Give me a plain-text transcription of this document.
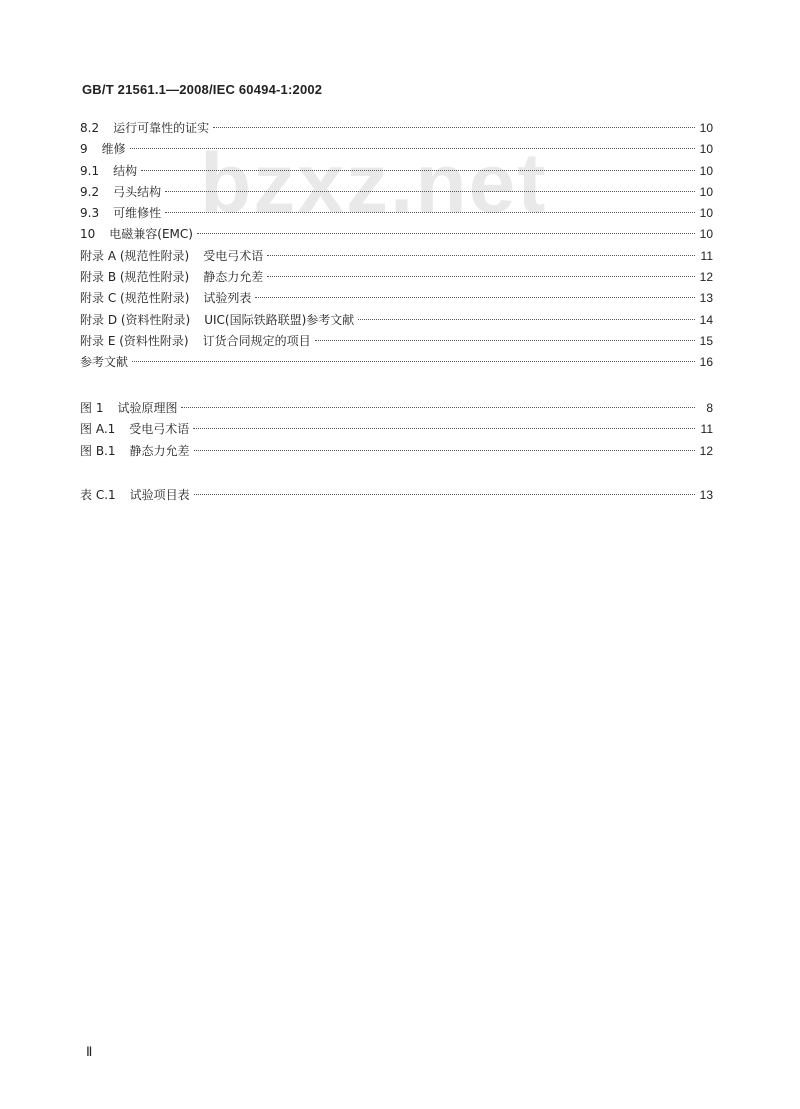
GB/T 21561.1—2008/IEC 60494-1:2002
bzxz.net
8.2 运行可靠性的证实	10
9 维修	10
9.1 结构	10
9.2 弓头结构	10
9.3 可维修性	10
10 电磁兼容(EMC)	10
附录 A (规范性附录) 受电弓术语	11
附录 B (规范性附录) 静态力允差	12
附录 C (规范性附录) 试验列表	13
附录 D (资料性附录) UIC(国际铁路联盟)参考文献	14
附录 E (资料性附录) 订货合同规定的项目	15
参考文献	16
图 1 试验原理图	8
图 A.1 受电弓术语	11
图 B.1 静态力允差	12
表 C.1 试验项目表	13
Ⅱ
